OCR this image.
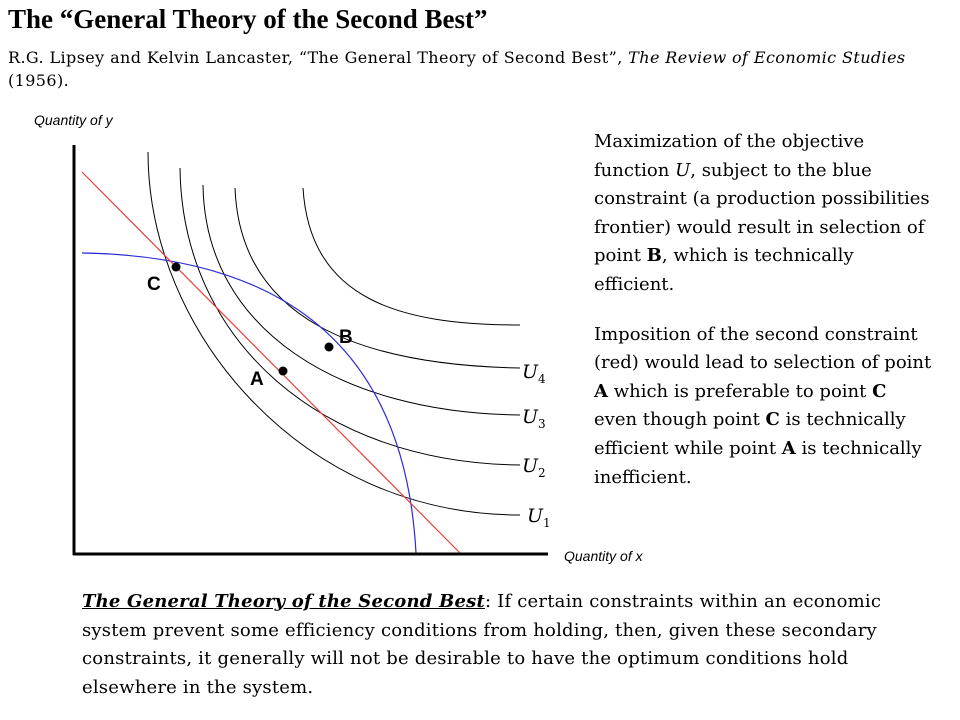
The “General Theory of the Second Best”

R.G. Lipsey and Kelvin Lancaster, “The General Theory of Second Best”, The Review of Economic Studies (1956).

Quantity of y
C
B
A	$U_4$
$U_3$
$U_2$
$U_1$
Quantity of x

Maximization of the objective function U, subject to the blue constraint (a production possibilities frontier) would result in selection of point B, which is technically efficient.

Imposition of the second constraint (red) would lead to selection of point A which is preferable to point C even though point C is technically efficient while point A is technically inefficient.

The General Theory of the Second Best: If certain constraints within an economic system prevent some efficiency conditions from holding, then, given these secondary constraints, it generally will not be desirable to have the optimum conditions hold elsewhere in the system.
